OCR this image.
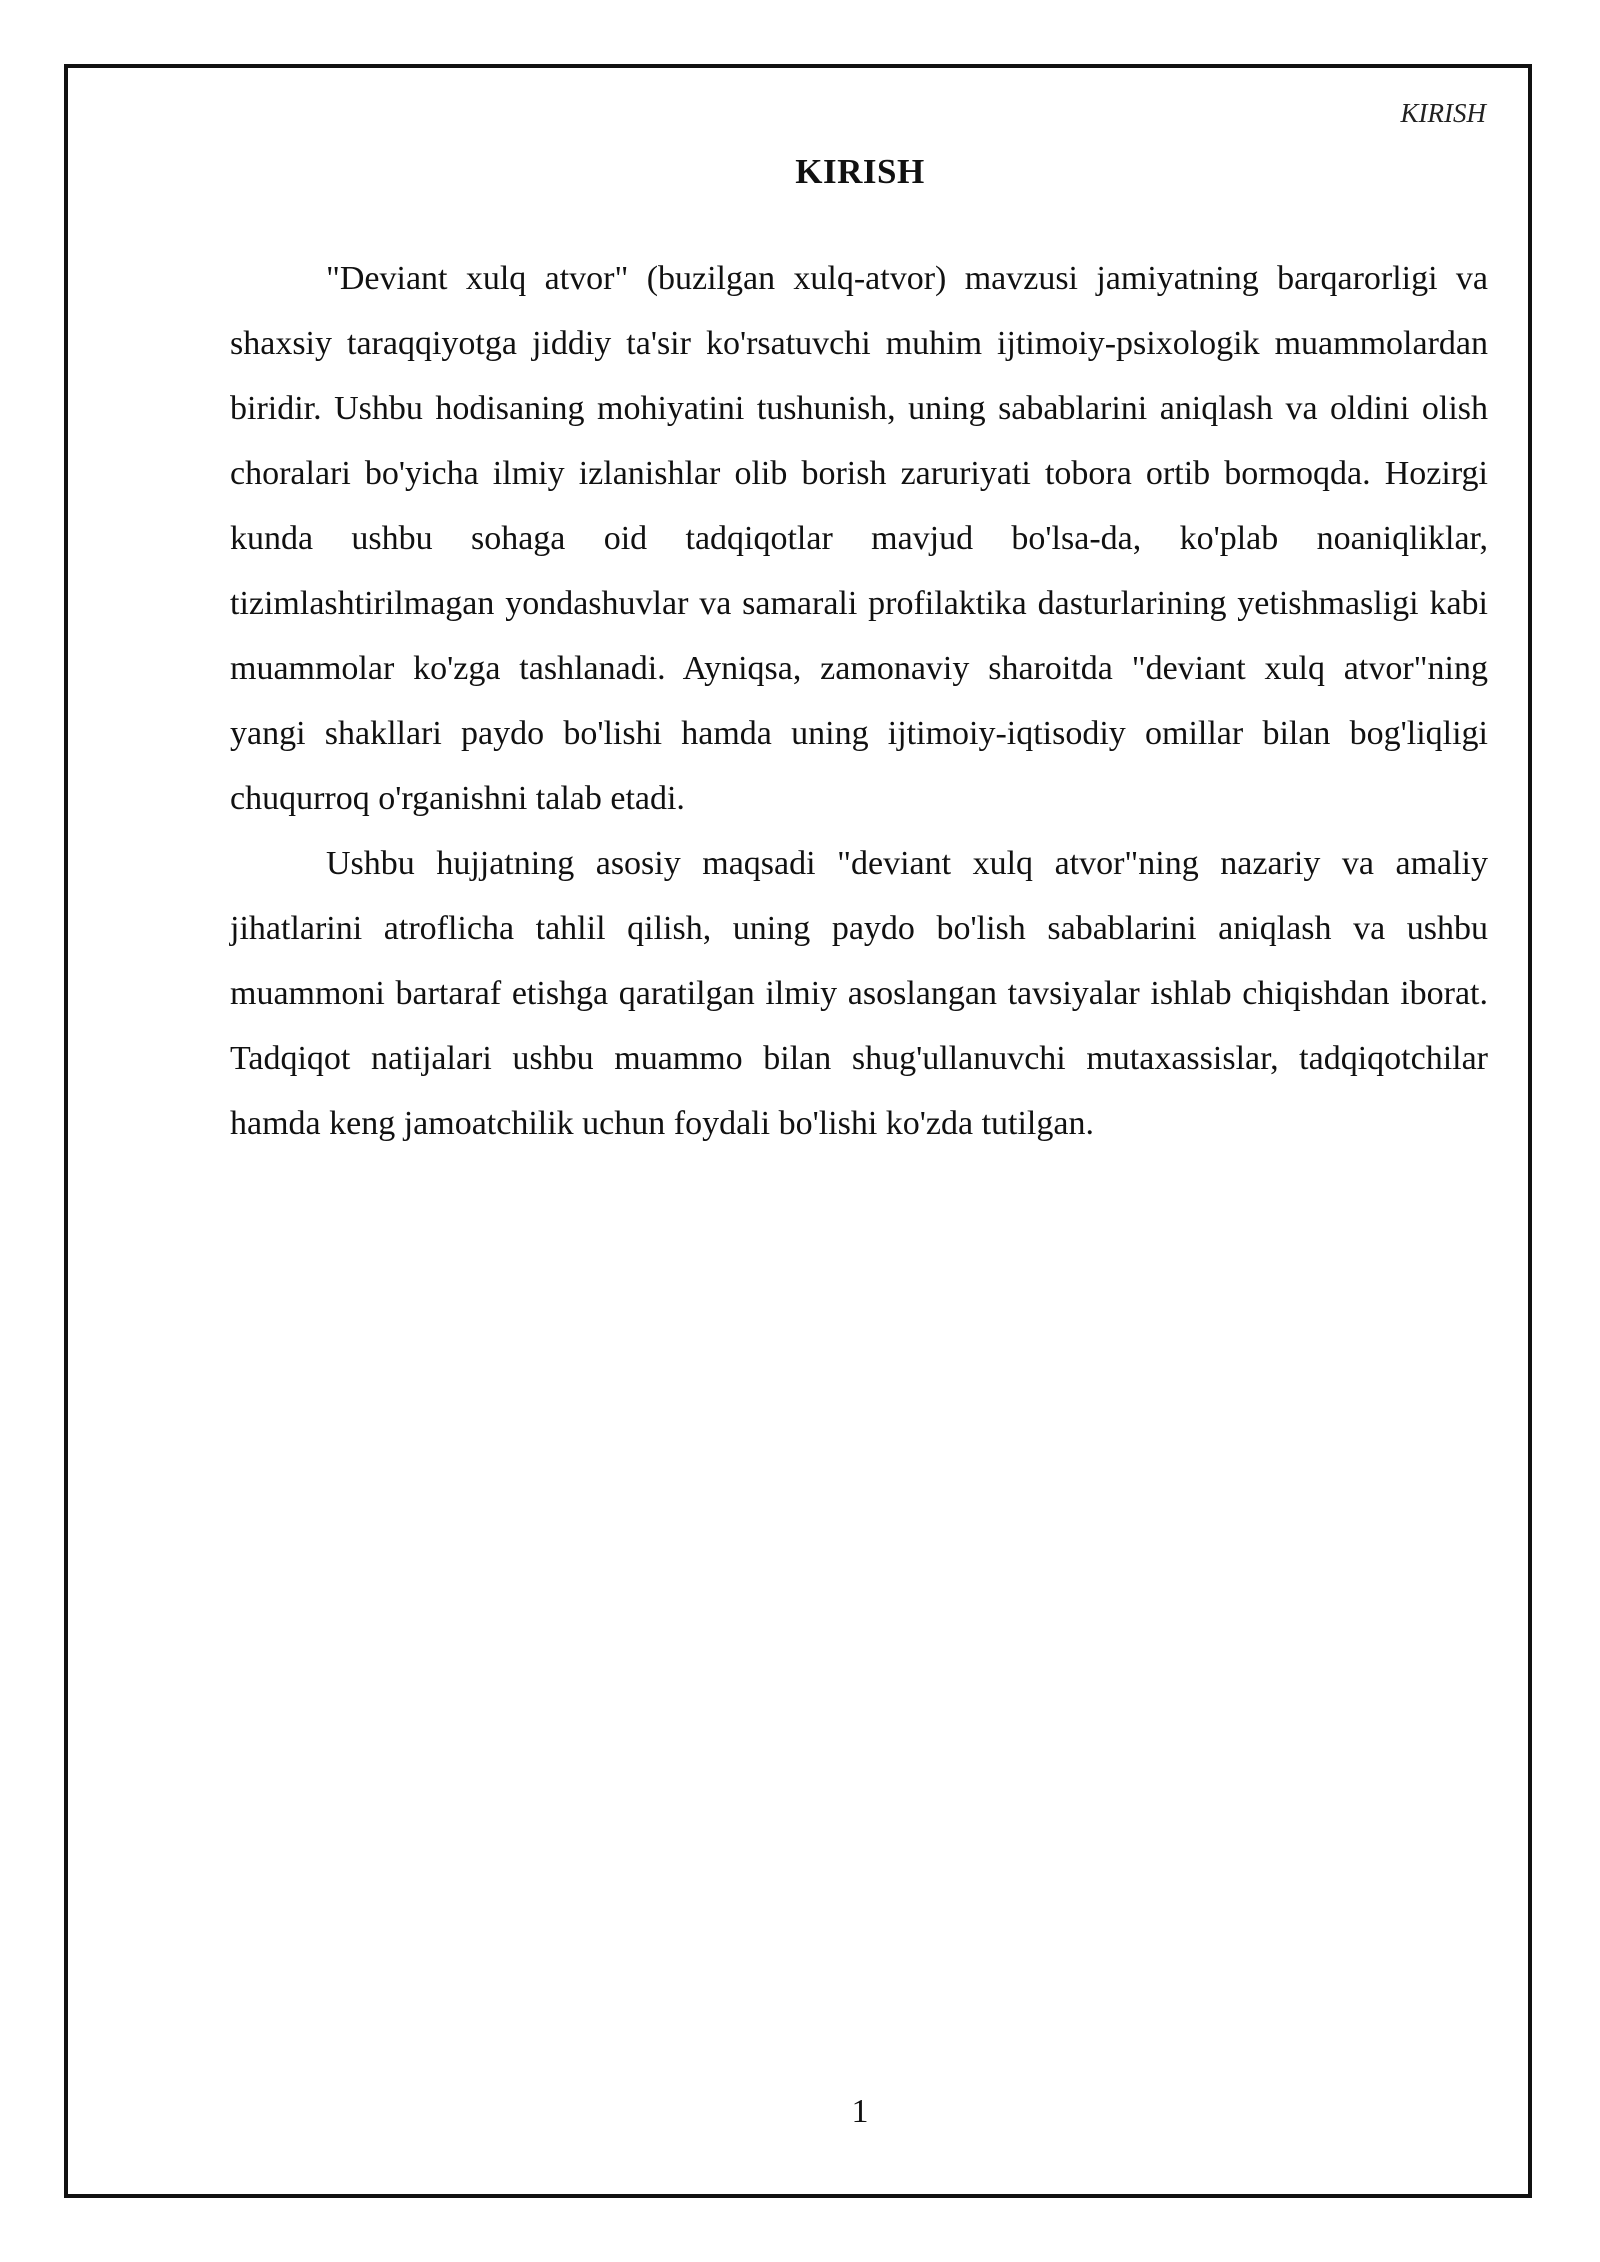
KIRISH
KIRISH

"Deviant xulq atvor" (buzilgan xulq-atvor) mavzusi jamiyatning barqarorligi va shaxsiy taraqqiyotga jiddiy ta'sir ko'rsatuvchi muhim ijtimoiy-psixologik muammolardan biridir. Ushbu hodisaning mohiyatini tushunish, uning sabablarini aniqlash va oldini olish choralari bo'yicha ilmiy izlanishlar olib borish zaruriyati tobora ortib bormoqda. Hozirgi kunda ushbu sohaga oid tadqiqotlar mavjud bo'lsa-da, ko'plab noaniqliklar, tizimlashtirilmagan yondashuvlar va samarali profilaktika dasturlarining yetishmasligi kabi muammolar ko'zga tashlanadi. Ayniqsa, zamonaviy sharoitda "deviant xulq atvor"ning yangi shakllari paydo bo'lishi hamda uning ijtimoiy-iqtisodiy omillar bilan bog'liqligi chuqurroq o'rganishni talab etadi.

Ushbu hujjatning asosiy maqsadi "deviant xulq atvor"ning nazariy va amaliy jihatlarini atroflicha tahlil qilish, uning paydo bo'lish sabablarini aniqlash va ushbu muammoni bartaraf etishga qaratilgan ilmiy asoslangan tavsiyalar ishlab chiqishdan iborat. Tadqiqot natijalari ushbu muammo bilan shug'ullanuvchi mutaxassislar, tadqiqotchilar hamda keng jamoatchilik uchun foydali bo'lishi ko'zda tutilgan.

1
